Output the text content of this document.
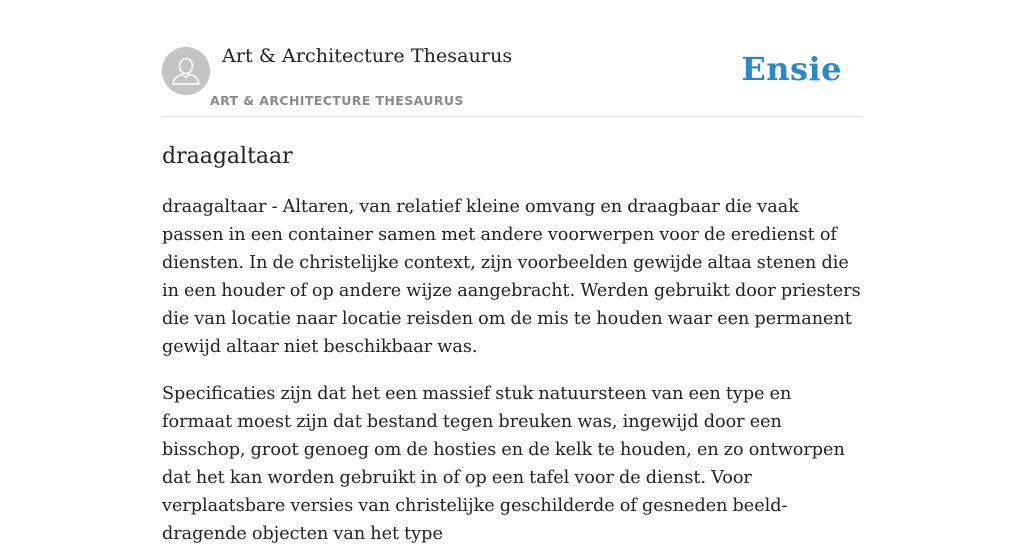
Art & Architecture Thesaurus
ART & ARCHITECTURE THESAURUS
Ensie
draagaltaar

draagaltaar - Altaren, van relatief kleine omvang en draagbaar die vaak passen in een container samen met andere voorwerpen voor de eredienst of diensten. In de christelijke context, zijn voorbeelden gewijde altaa stenen die in een houder of op andere wijze aangebracht. Werden gebruikt door priesters die van locatie naar locatie reisden om de mis te houden waar een permanent gewijd altaar niet beschikbaar was.

Specificaties zijn dat het een massief stuk natuursteen van een type en formaat moest zijn dat bestand tegen breuken was, ingewijd door een bisschop, groot genoeg om de hosties en de kelk te houden, en zo ontworpen dat het kan worden gebruikt in of op een tafel voor de dienst. Voor verplaatsbare versies van christelijke geschilderde of gesneden beeld-dragende objecten van het type
